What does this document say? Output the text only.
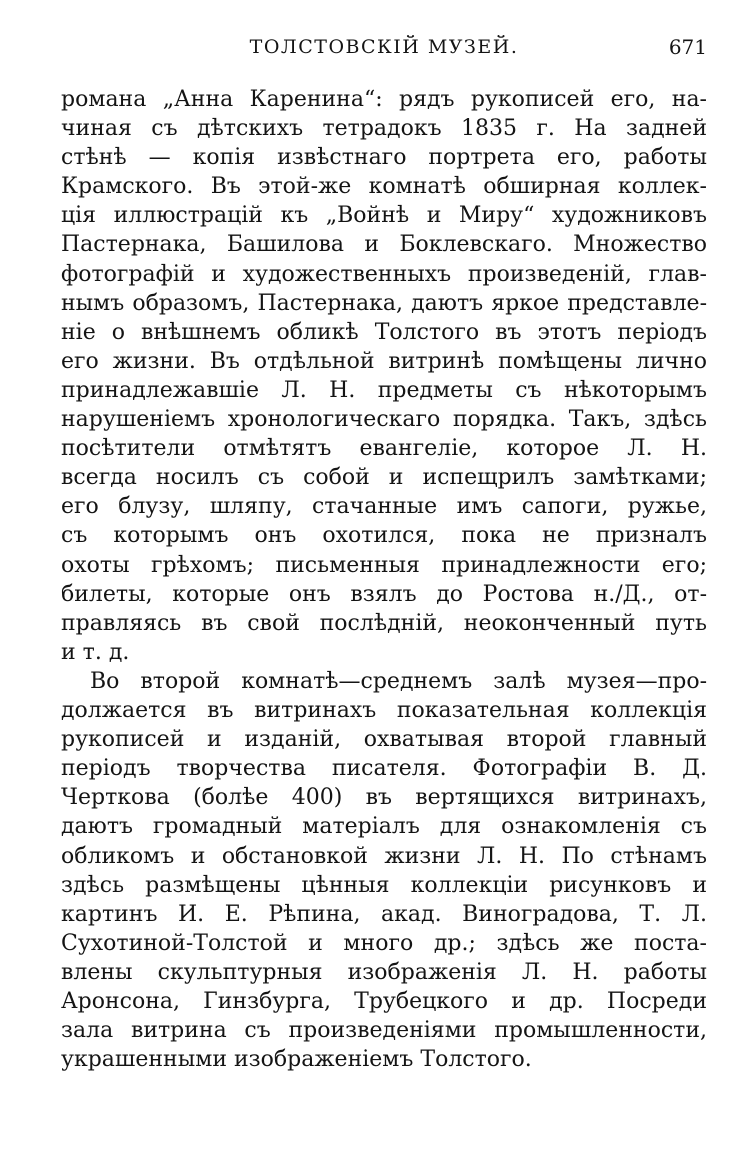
ТОЛСТОВСКІЙ МУЗЕЙ.	671
романа „Анна Каренина“: рядъ рукописей его, на-
чиная съ дѣтскихъ тетрадокъ 1835 г. На задней
стѣнѣ — копія извѣстнаго портрета его, работы
Крамского. Въ этой-же комнатѣ обширная коллек-
ція иллюстрацій къ „Войнѣ и Миру“ художниковъ
Пастернака, Башилова и Боклевскаго. Множество
фотографій и художественныхъ произведеній, глав-
нымъ образомъ, Пастернака, даютъ яркое представле-
ніе о внѣшнемъ обликѣ Толстого въ этотъ періодъ
его жизни. Въ отдѣльной витринѣ помѣщены лично
принадлежавшіе Л. Н. предметы съ нѣкоторымъ
нарушеніемъ хронологическаго порядка. Такъ, здѣсь
посѣтители отмѣтятъ евангеліе, которое Л. Н.
всегда носилъ съ собой и испещрилъ замѣтками;
его блузу, шляпу, стачанные имъ сапоги, ружье,
съ которымъ онъ охотился, пока не призналъ
охоты грѣхомъ; письменныя принадлежности его;
билеты, которые онъ взялъ до Ростова н./Д., от-
правляясь въ свой послѣдній, неоконченный путь
и т. д.
Во второй комнатѣ—среднемъ залѣ музея—про-
должается въ витринахъ показательная коллекція
рукописей и изданій, охватывая второй главный
періодъ творчества писателя. Фотографіи В. Д.
Черткова (болѣе 400) въ вертящихся витринахъ,
даютъ громадный матеріалъ для ознакомленія съ
обликомъ и обстановкой жизни Л. Н. По стѣнамъ
здѣсь размѣщены цѣнныя коллекціи рисунковъ и
картинъ И. Е. Рѣпина, акад. Виноградова, Т. Л.
Сухотиной-Толстой и много др.; здѣсь же поста-
влены скульптурныя изображенія Л. Н. работы
Аронсона, Гинзбурга, Трубецкого и др. Посреди
зала витрина съ произведеніями промышленности,
украшенными изображеніемъ Толстого.
